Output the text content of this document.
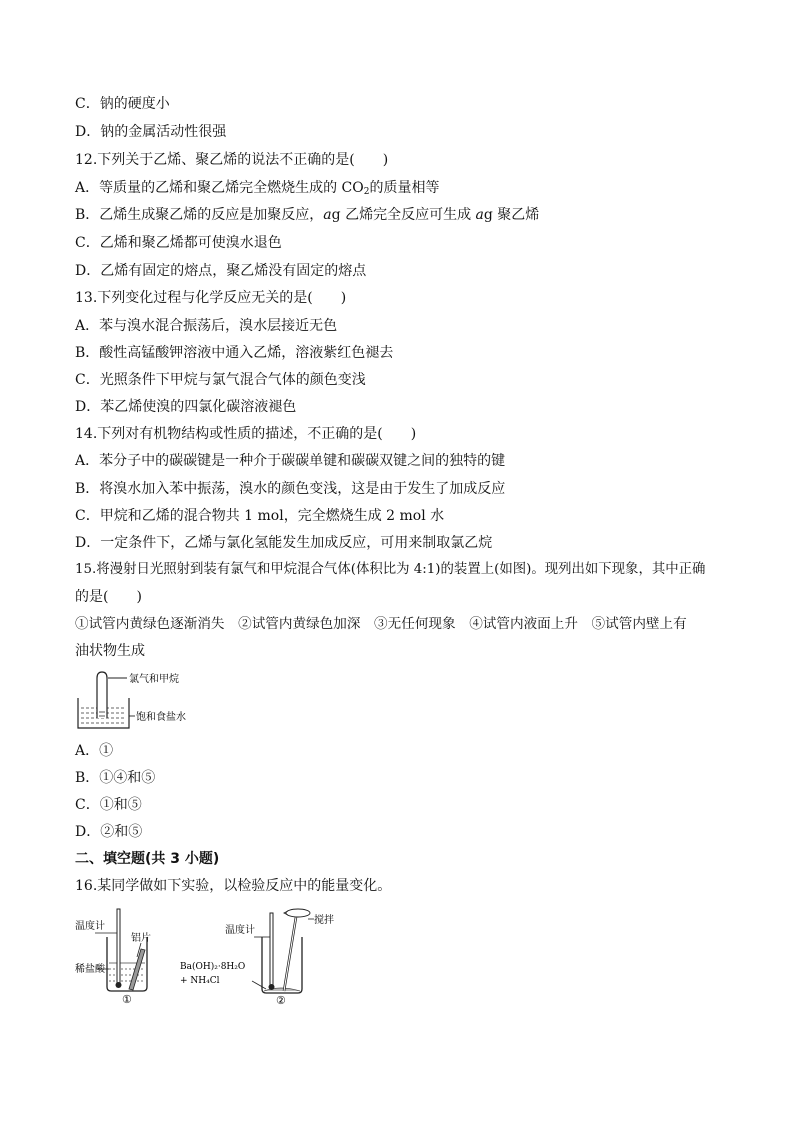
C．钠的硬度小
D．钠的金属活动性很强
12.下列关于乙烯、聚乙烯的说法不正确的是(　　)
A．等质量的乙烯和聚乙烯完全燃烧生成的 $CO_2$的质量相等
B．乙烯生成聚乙烯的反应是加聚反应，ag 乙烯完全反应可生成 ag 聚乙烯
C．乙烯和聚乙烯都可使溴水退色
D．乙烯有固定的熔点，聚乙烯没有固定的熔点
13.下列变化过程与化学反应无关的是(　　)
A．苯与溴水混合振荡后，溴水层接近无色
B．酸性高锰酸钾溶液中通入乙烯，溶液紫红色褪去
C．光照条件下甲烷与氯气混合气体的颜色变浅
D．苯乙烯使溴的四氯化碳溶液褪色
14.下列对有机物结构或性质的描述，不正确的是(　　)
A．苯分子中的碳碳键是一种介于碳碳单键和碳碳双键之间的独特的键
B．将溴水加入苯中振荡，溴水的颜色变浅，这是由于发生了加成反应
C．甲烷和乙烯的混合物共 1 mol，完全燃烧生成 2 mol 水
D．一定条件下，乙烯与氯化氢能发生加成反应，可用来制取氯乙烷
15.将漫射日光照射到装有氯气和甲烷混合气体(体积比为 4:1)的装置上(如图)。现列出如下现象，其中正确
的是(　　)
①试管内黄绿色逐渐消失　②试管内黄绿色加深　③无任何现象　④试管内液面上升　⑤试管内壁上有
油状物生成
氯气和甲烷
饱和食盐水
A．①
B．①④和⑤
C．①和⑤
D．②和⑤
二、填空题(共 3 小题)
16.某同学做如下实验，以检验反应中的能量变化。
温度计
铝片
稀盐酸
①
温度计
搅拌
Ba(OH)₂·8H₂O
+ NH₄Cl
②
